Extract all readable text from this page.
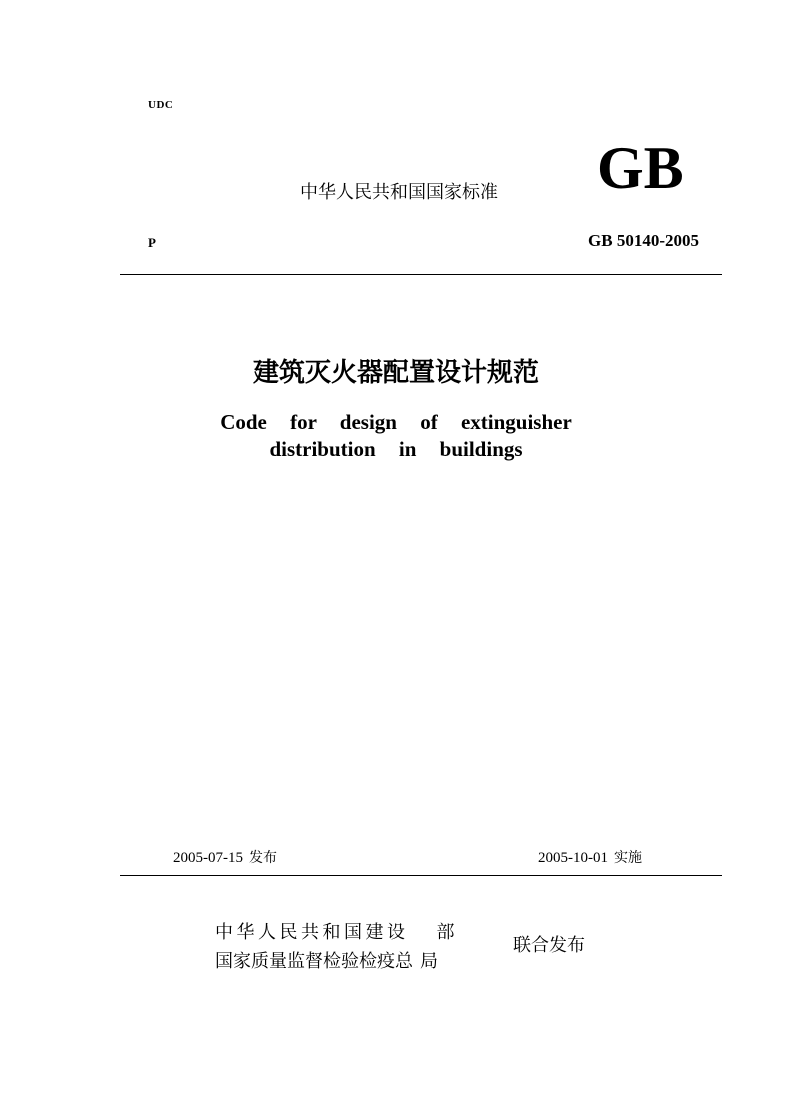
UDC
中华人民共和国国家标准 GB
P	GB 50140-2005
建筑灭火器配置设计规范
Code for design of extinguisher
distribution in buildings
2005-07-15 发布	2005-10-01 实施
中华人民共和国建设 部
国家质量监督检验检疫总 局
联合发布
